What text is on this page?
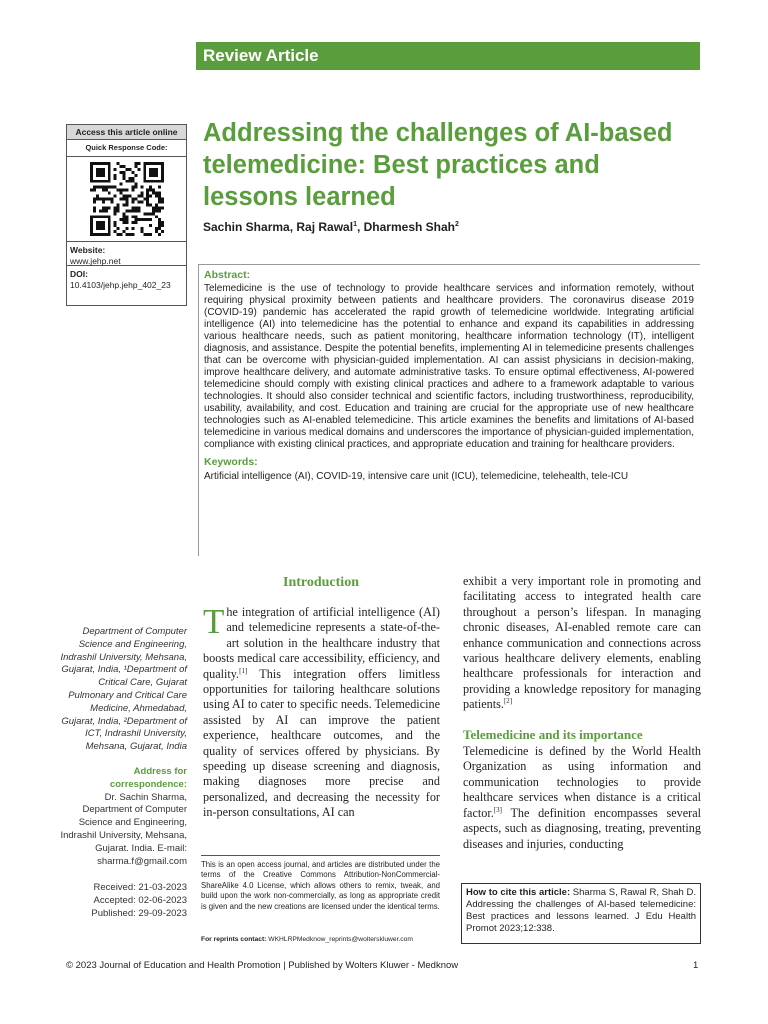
Review Article
Access this article online
Quick Response Code:
Website:
www.jehp.net
DOI:
10.4103/jehp.jehp_402_23
Addressing the challenges of AI-based telemedicine: Best practices and lessons learned
Sachin Sharma, Raj Rawal$^1$, Dharmesh Shah$^2$
Abstract:
Telemedicine is the use of technology to provide healthcare services and information remotely, without requiring physical proximity between patients and healthcare providers. The coronavirus disease 2019 (COVID-19) pandemic has accelerated the rapid growth of telemedicine worldwide. Integrating artificial intelligence (AI) into telemedicine has the potential to enhance and expand its capabilities in addressing various healthcare needs, such as patient monitoring, healthcare information technology (IT), intelligent diagnosis, and assistance. Despite the potential benefits, implementing AI in telemedicine presents challenges that can be overcome with physician-guided implementation. AI can assist physicians in decision-making, improve healthcare delivery, and automate administrative tasks. To ensure optimal effectiveness, AI-powered telemedicine should comply with existing clinical practices and adhere to a framework adaptable to various technologies. It should also consider technical and scientific factors, including trustworthiness, reproducibility, usability, availability, and cost. Education and training are crucial for the appropriate use of new healthcare technologies such as AI-enabled telemedicine. This article examines the benefits and limitations of AI-based telemedicine in various medical domains and underscores the importance of physician-guided implementation, compliance with existing clinical practices, and appropriate education and training for healthcare providers.
Keywords:
Artificial intelligence (AI), COVID-19, intensive care unit (ICU), telemedicine, telehealth, tele-ICU
Introduction
The integration of artificial intelligence (AI) and telemedicine represents a state-of-the-art solution in the healthcare industry that boosts medical care accessibility, efficiency, and quality.[1] This integration offers limitless opportunities for tailoring healthcare solutions using AI to cater to specific needs. Telemedicine assisted by AI can improve the patient experience, healthcare outcomes, and the quality of services offered by physicians. By speeding up disease screening and diagnosis, making diagnoses more precise and personalized, and decreasing the necessity for in-person consultations, AI can
exhibit a very important role in promoting and facilitating access to integrated health care throughout a person’s lifespan. In managing chronic diseases, AI-enabled remote care can enhance communication and connections across various healthcare delivery elements, enabling healthcare professionals for interaction and providing a knowledge repository for managing patients.[2]
Telemedicine and its importance
Telemedicine is defined by the World Health Organization as using information and communication technologies to provide healthcare services when distance is a critical factor.[3] The definition encompasses several aspects, such as diagnosing, treating, preventing diseases and injuries, conducting
Department of Computer Science and Engineering, Indrashil University, Mehsana, Gujarat, India, ¹Department of Critical Care, Gujarat Pulmonary and Critical Care Medicine, Ahmedabad, Gujarat, India, ²Department of ICT, Indrashil University, Mehsana, Gujarat, India
Address for correspondence:
Dr. Sachin Sharma, Department of Computer Science and Engineering, Indrashil University, Mehsana, Gujarat. India. E-mail: sharma.f@gmail.com
Received: 21-03-2023
Accepted: 02-06-2023
Published: 29-09-2023
This is an open access journal, and articles are distributed under the terms of the Creative Commons Attribution-NonCommercial-ShareAlike 4.0 License, which allows others to remix, tweak, and build upon the work non-commercially, as long as appropriate credit is given and the new creations are licensed under the identical terms.
For reprints contact: WKHLRPMedknow_reprints@wolterskluwer.com
How to cite this article: Sharma S, Rawal R, Shah D. Addressing the challenges of AI-based telemedicine: Best practices and lessons learned. J Edu Health Promot 2023;12:338.
© 2023 Journal of Education and Health Promotion | Published by Wolters Kluwer - Medknow	1
